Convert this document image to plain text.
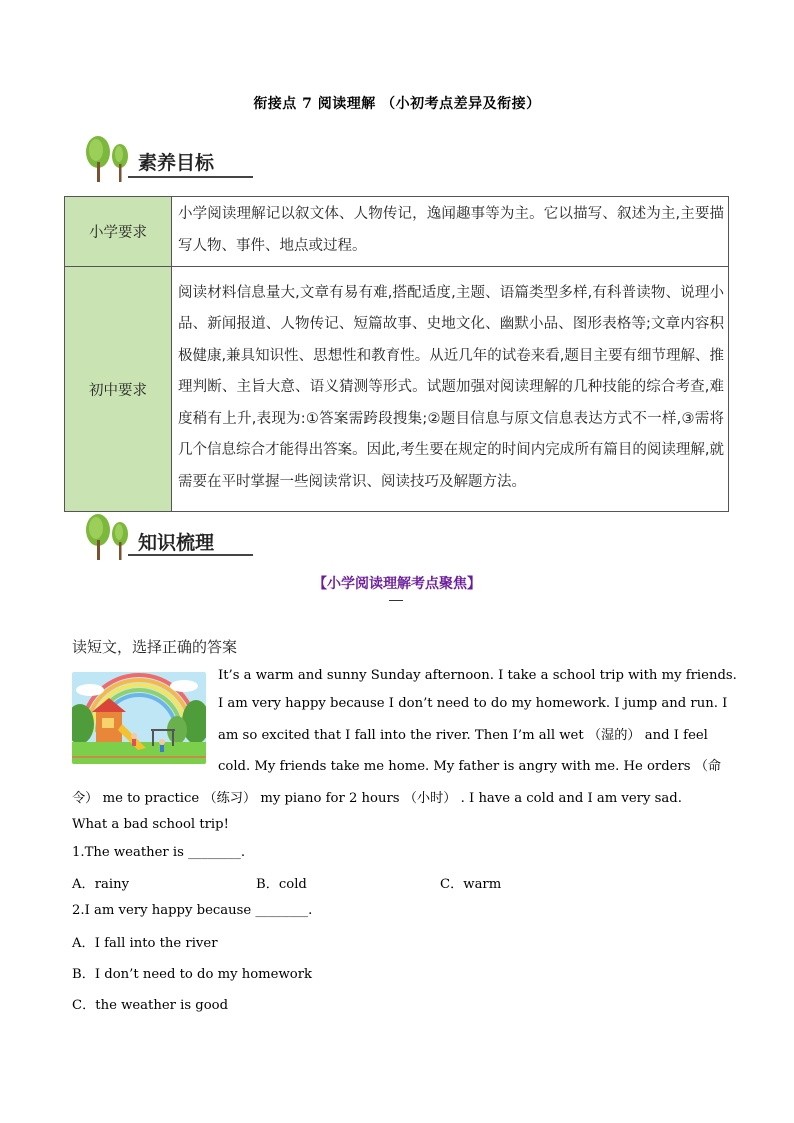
衔接点 7 阅读理解 （小初考点差异及衔接）
素养目标
小学要求	小学阅读理解记以叙文体、人物传记，逸闻趣事等为主。它以描写、叙述为主,主要描写人物、事件、地点或过程。
初中要求	阅读材料信息量大,文章有易有难,搭配适度,主题、语篇类型多样,有科普读物、说理小品、新闻报道、人物传记、短篇故事、史地文化、幽默小品、图形表格等;文章内容积极健康,兼具知识性、思想性和教育性。从近几年的试卷来看,题目主要有细节理解、推理判断、主旨大意、语义猜测等形式。试题加强对阅读理解的几种技能的综合考查,难度稍有上升,表现为:①答案需跨段搜集;②题目信息与原文信息表达方式不一样,③需将几个信息综合才能得出答案。因此,考生要在规定的时间内完成所有篇目的阅读理解,就需要在平时掌握一些阅读常识、阅读技巧及解题方法。
知识梳理
【小学阅读理解考点聚焦】
读短文，选择正确的答案
It’s a warm and sunny Sunday afternoon. I take a school trip with my friends.
I am very happy because I don’t need to do my homework. I jump and run. I
am so excited that I fall into the river. Then I’m all wet （湿的） and I feel
cold. My friends take me home. My father is angry with me. He orders （命
令） me to practice （练习） my piano for 2 hours （小时） . I have a cold and I am very sad.
What a bad school trip!
1.The weather is ________.
A．rainy	B．cold	C．warm
2.I am very happy because ________.
A．I fall into the river
B．I don’t need to do my homework
C．the weather is good
